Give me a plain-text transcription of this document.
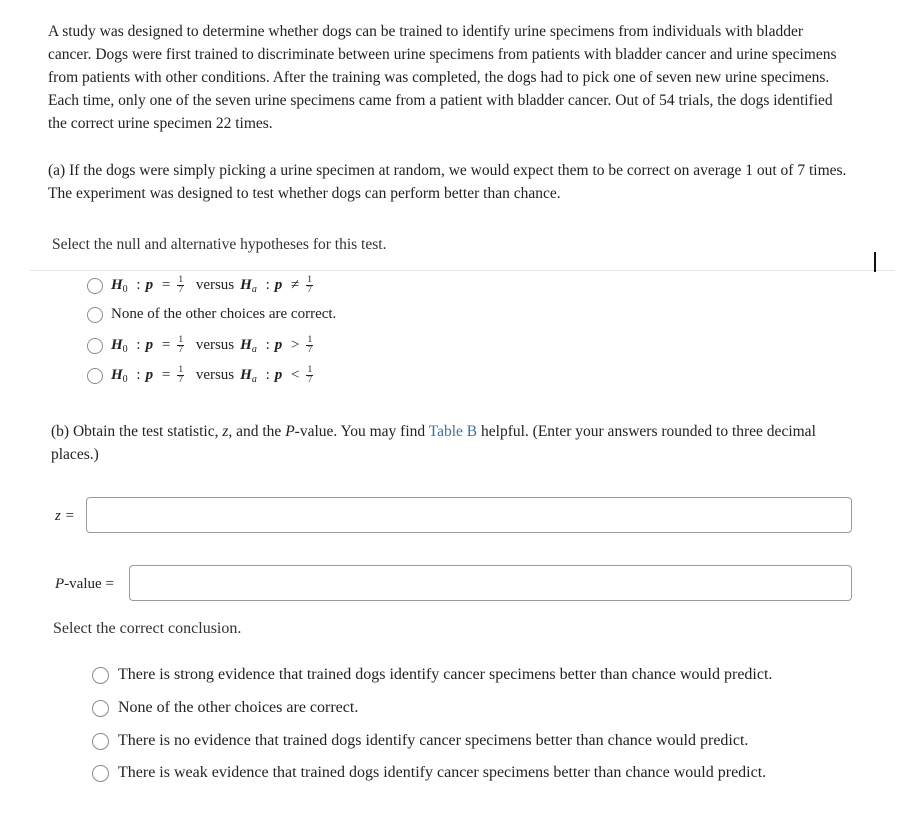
A study was designed to determine whether dogs can be trained to identify urine specimens from individuals with bladder cancer. Dogs were first trained to discriminate between urine specimens from patients with bladder cancer and urine specimens from patients with other conditions. After the training was completed, the dogs had to pick one of seven new urine specimens. Each time, only one of the seven urine specimens came from a patient with bladder cancer. Out of 54 trials, the dogs identified the correct urine specimen 22 times.

(a) If the dogs were simply picking a urine specimen at random, we would expect them to be correct on average 1 out of 7 times. The experiment was designed to test whether dogs can perform better than chance.

Select the null and alternative hypotheses for this test.

$H_0$ : $p = \frac{1}{7}$ versus $H_a$ : $p \ne \frac{1}{7}$
None of the other choices are correct.
$H_0$ : $p = \frac{1}{7}$ versus $H_a$ : $p > \frac{1}{7}$
$H_0$ : $p = \frac{1}{7}$ versus $H_a$ : $p < \frac{1}{7}$

(b) Obtain the test statistic, z, and the P-value. You may find Table B helpful. (Enter your answers rounded to three decimal places.)

z =
P-value =

Select the correct conclusion.

There is strong evidence that trained dogs identify cancer specimens better than chance would predict.
None of the other choices are correct.
There is no evidence that trained dogs identify cancer specimens better than chance would predict.
There is weak evidence that trained dogs identify cancer specimens better than chance would predict.
